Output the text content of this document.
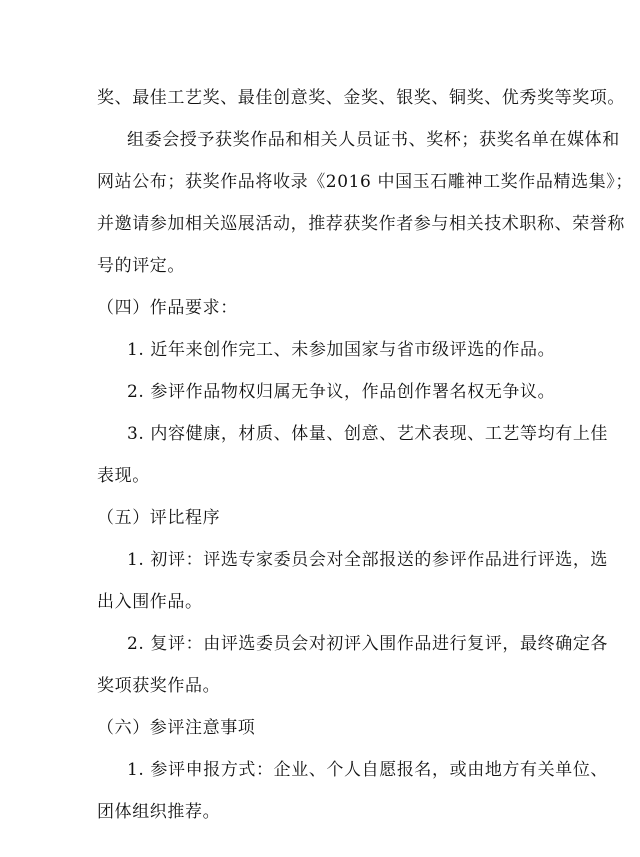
奖、最佳工艺奖、最佳创意奖、金奖、银奖、铜奖、优秀奖等奖项。
组委会授予获奖作品和相关人员证书、奖杯；获奖名单在媒体和
网站公布；获奖作品将收录《2016 中国玉石雕神工奖作品精选集》；
并邀请参加相关巡展活动，推荐获奖作者参与相关技术职称、荣誉称
号的评定。
（四）作品要求：
1. 近年来创作完工、未参加国家与省市级评选的作品。
2. 参评作品物权归属无争议，作品创作署名权无争议。
3. 内容健康，材质、体量、创意、艺术表现、工艺等均有上佳
表现。
（五）评比程序
1. 初评：评选专家委员会对全部报送的参评作品进行评选，选
出入围作品。
2. 复评：由评选委员会对初评入围作品进行复评，最终确定各
奖项获奖作品。
（六）参评注意事项
1. 参评申报方式：企业、个人自愿报名，或由地方有关单位、
团体组织推荐。
